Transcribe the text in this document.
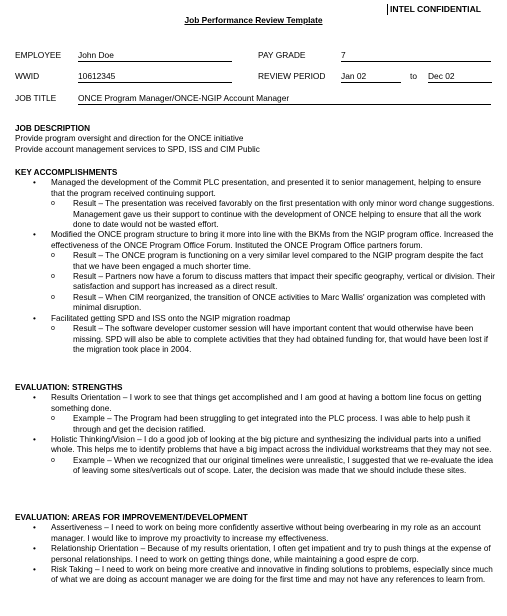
INTEL CONFIDENTIAL
Job Performance Review Template
EMPLOYEE John Doe	PAY GRADE	7
WWID	10612345	REVIEW PERIOD Jan 02	to Dec 02
JOB TITLE	ONCE Program Manager/ONCE-NGIP Account Manager
JOB DESCRIPTION
Provide program oversight and direction for the ONCE initiative
Provide account management services to SPD, ISS and CIM Public
KEY ACCOMPLISHMENTS
• Managed the development of the Commit PLC presentation, and presented it to senior management, helping to ensure that the program received continuing support.
o Result – The presentation was received favorably on the first presentation with only minor word change suggestions. Management gave us their support to continue with the development of ONCE helping to ensure that all the work done to date would not be wasted effort.
• Modified the ONCE program structure to bring it more into line with the BKMs from the NGIP program office. Increased the effectiveness of the ONCE Program Office Forum. Instituted the ONCE Program Office partners forum.
o Result – The ONCE program is functioning on a very similar level compared to the NGIP program despite the fact that we have been engaged a much shorter time.
o Result – Partners now have a forum to discuss matters that impact their specific geography, vertical or division. Their satisfaction and support has increased as a direct result.
o Result – When CIM reorganized, the transition of ONCE activities to Marc Wallis' organization was completed with minimal disruption.
• Facilitated getting SPD and ISS onto the NGIP migration roadmap
o Result – The software developer customer session will have important content that would otherwise have been missing. SPD will also be able to complete activities that they had obtained funding for, that would have been lost if the migration took place in 2004.
EVALUATION: STRENGTHS
• Results Orientation – I work to see that things get accomplished and I am good at having a bottom line focus on getting something done.
o Example – The Program had been struggling to get integrated into the PLC process. I was able to help push it through and get the decision ratified.
• Holistic Thinking/Vision – I do a good job of looking at the big picture and synthesizing the individual parts into a unified whole. This helps me to identify problems that have a big impact across the individual workstreams that they may not see.
o Example – When we recognized that our original timelines were unrealistic, I suggested that we re-evaluate the idea of leaving some sites/verticals out of scope. Later, the decision was made that we should include these sites.
EVALUATION: AREAS FOR IMPROVEMENT/DEVELOPMENT
• Assertiveness – I need to work on being more confidently assertive without being overbearing in my role as an account manager. I would like to improve my proactivity to increase my effectiveness.
• Relationship Orientation – Because of my results orientation, I often get impatient and try to push things at the expense of personal relationships. I need to work on getting things done, while maintaining a good espre de corp.
• Risk Taking – I need to work on being more creative and innovative in finding solutions to problems, especially since much of what we are doing as account manager we are doing for the first time and may not have any references to learn from.
